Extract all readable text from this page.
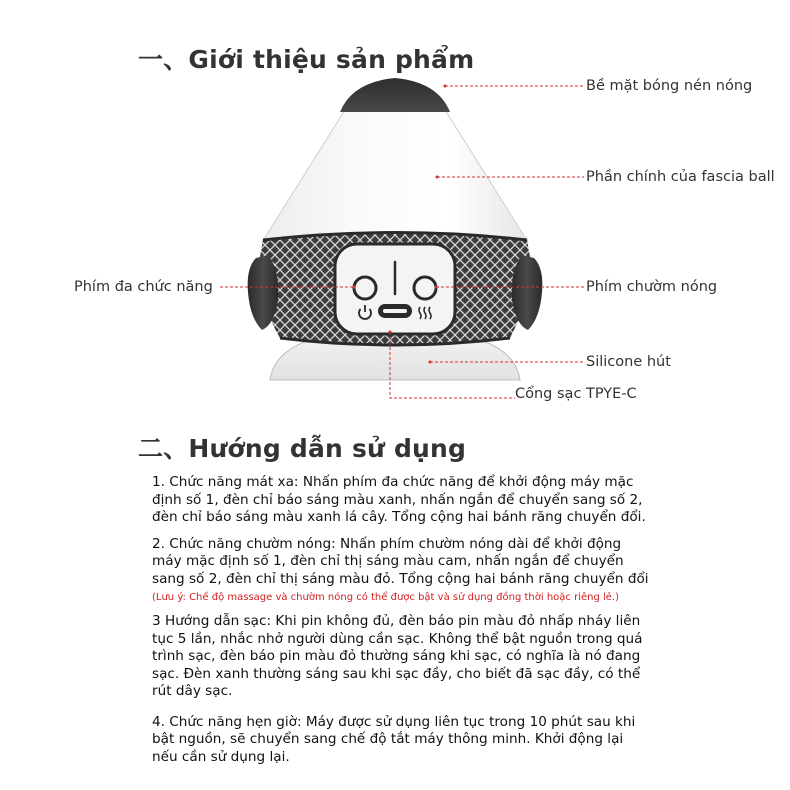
一、Giới thiệu sản phẩm
Bề mặt bóng nén nóng
Phần chính của fascia ball
Phím đa chức năng	Phím chườm nóng
Silicone hút
Cổng sạc TPYE-C
二、Hướng dẫn sử dụng

1. Chức năng mát xa: Nhấn phím đa chức năng để khởi động máy mặc định số 1, đèn chỉ báo sáng màu xanh, nhấn ngắn để chuyển sang số 2, đèn chỉ báo sáng màu xanh lá cây. Tổng cộng hai bánh răng chuyển đổi.

2. Chức năng chườm nóng: Nhấn phím chườm nóng dài để khởi động máy mặc định số 1, đèn chỉ thị sáng màu cam, nhấn ngắn để chuyển sang số 2, đèn chỉ thị sáng màu đỏ. Tổng cộng hai bánh răng chuyển đổi

(Lưu ý: Chế độ massage và chườm nóng có thể được bật và sử dụng đồng thời hoặc riêng lẻ.)

3 Hướng dẫn sạc: Khi pin không đủ, đèn báo pin màu đỏ nhấp nháy liên tục 5 lần, nhắc nhở người dùng cần sạc. Không thể bật nguồn trong quá trình sạc, đèn báo pin màu đỏ thường sáng khi sạc, có nghĩa là nó đang sạc. Đèn xanh thường sáng sau khi sạc đầy, cho biết đã sạc đầy, có thể rút dây sạc.

4. Chức năng hẹn giờ: Máy được sử dụng liên tục trong 10 phút sau khi bật nguồn, sẽ chuyển sang chế độ tắt máy thông minh. Khởi động lại nếu cần sử dụng lại.
